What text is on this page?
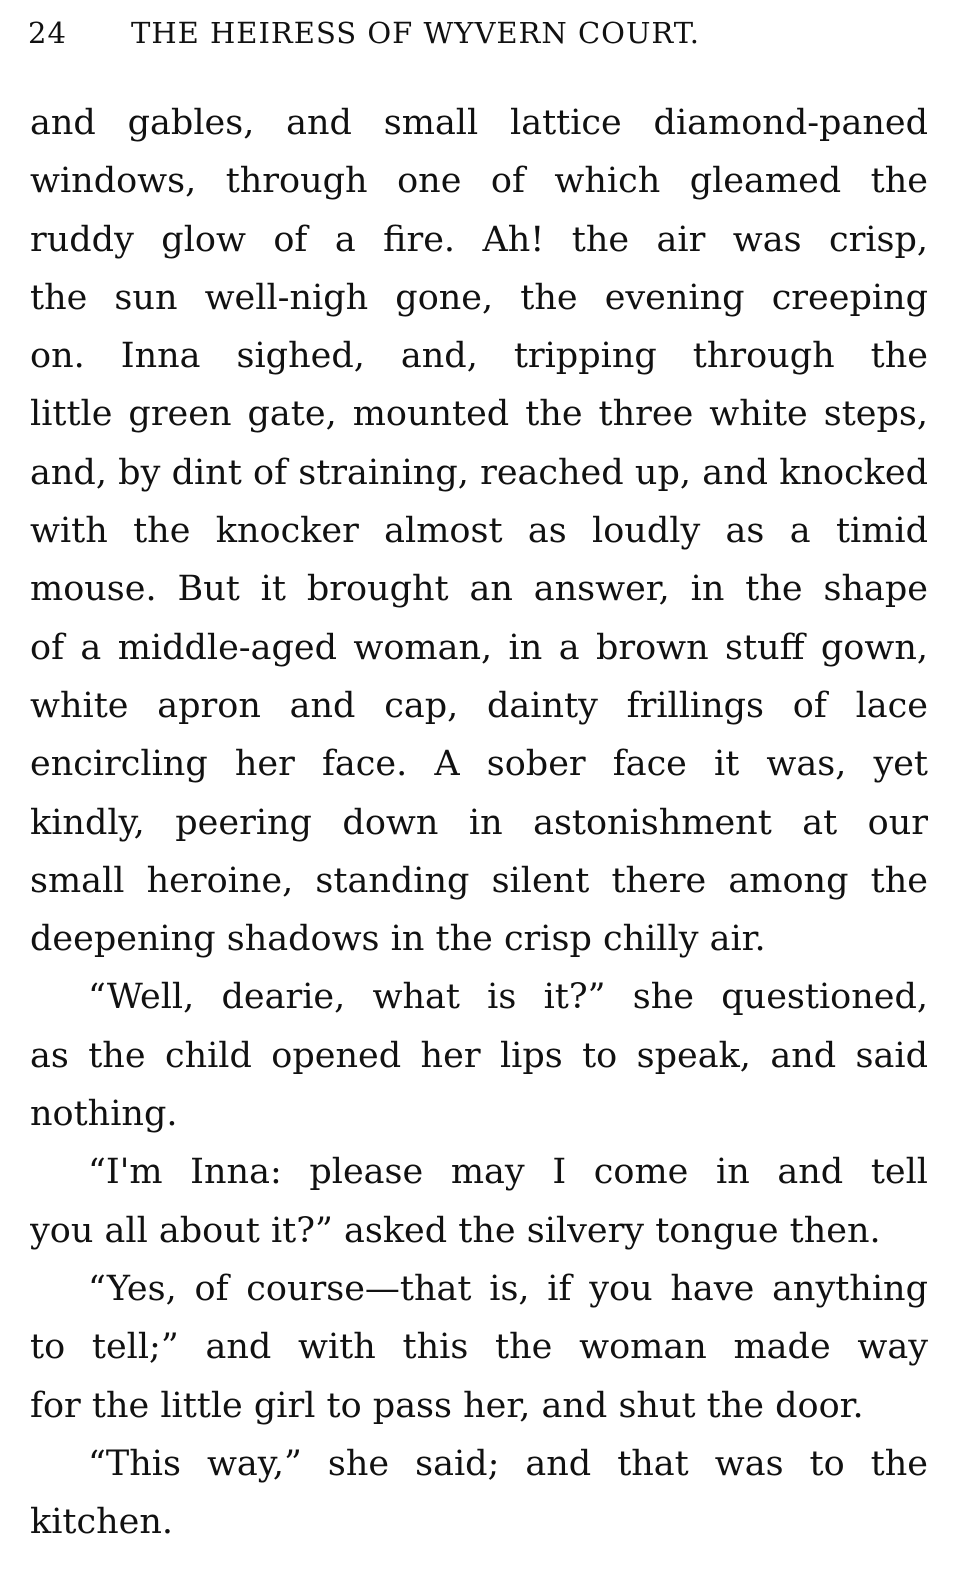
24 THE HEIRESS OF WYVERN COURT.
and gables, and small lattice diamond-paned
windows, through one of which gleamed the
ruddy glow of a fire. Ah! the air was crisp,
the sun well-nigh gone, the evening creeping
on. Inna sighed, and, tripping through the
little green gate, mounted the three white steps,
and, by dint of straining, reached up, and knocked
with the knocker almost as loudly as a timid
mouse. But it brought an answer, in the shape
of a middle-aged woman, in a brown stuff gown,
white apron and cap, dainty frillings of lace
encircling her face. A sober face it was, yet
kindly, peering down in astonishment at our
small heroine, standing silent there among the
deepening shadows in the crisp chilly air.
“Well, dearie, what is it?” she questioned,
as the child opened her lips to speak, and said
nothing.
“I'm Inna: please may I come in and tell
you all about it?” asked the silvery tongue then.
“Yes, of course—that is, if you have anything
to tell;” and with this the woman made way
for the little girl to pass her, and shut the door.
“This way,” she said; and that was to the
kitchen.
